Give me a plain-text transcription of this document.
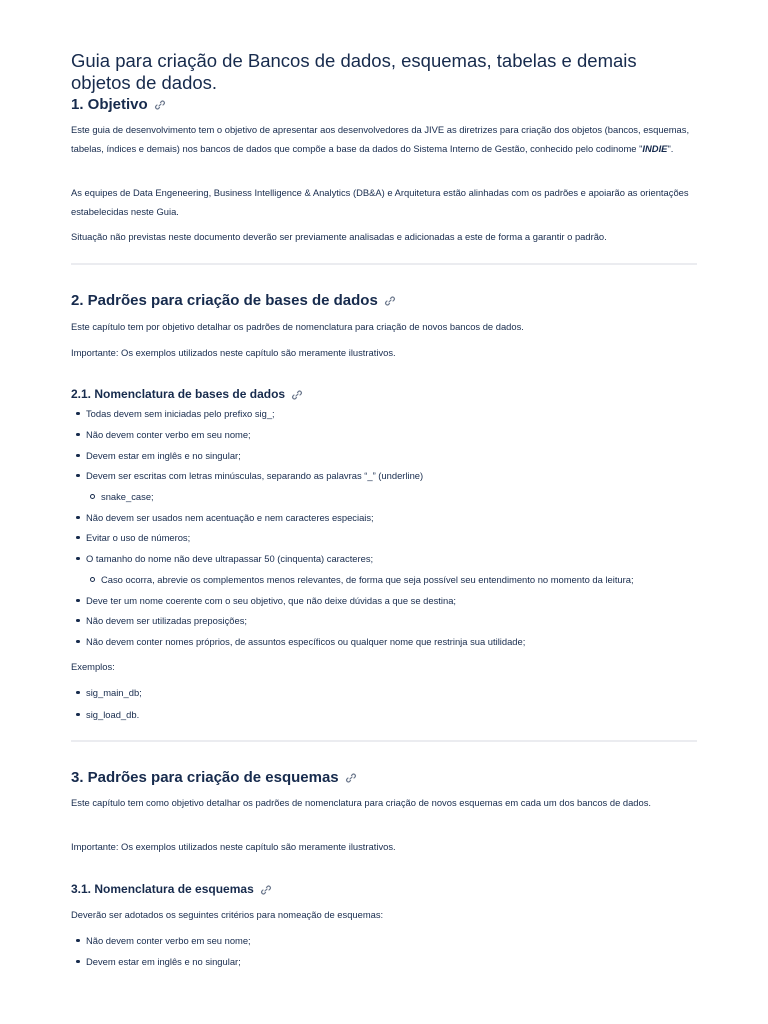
Guia para criação de Bancos de dados, esquemas, tabelas e demais objetos de dados.
1. Objetivo

Este guia de desenvolvimento tem o objetivo de apresentar aos desenvolvedores da JIVE as diretrizes para criação dos objetos (bancos, esquemas, tabelas, índices e demais) nos bancos de dados que compõe a base da dados do Sistema Interno de Gestão, conhecido pelo codinome "INDIE".

As equipes de Data Engeneering, Business Intelligence & Analytics (DB&A) e Arquitetura estão alinhadas com os padrões e apoiarão as orientações estabelecidas neste Guia.

Situação não previstas neste documento deverão ser previamente analisadas e adicionadas a este de forma a garantir o padrão.

2. Padrões para criação de bases de dados

Este capítulo tem por objetivo detalhar os padrões de nomenclatura para criação de novos bancos de dados.

Importante: Os exemplos utilizados neste capítulo são meramente ilustrativos.

2.1. Nomenclatura de bases de dados
Todas devem sem iniciadas pelo prefixo sig_;
Não devem conter verbo em seu nome;
Devem estar em inglês e no singular;
Devem ser escritas com letras minúsculas, separando as palavras “_” (underline)
snake_case;
Não devem ser usados nem acentuação e nem caracteres especiais;
Evitar o uso de números;
O tamanho do nome não deve ultrapassar 50 (cinquenta) caracteres;
Caso ocorra, abrevie os complementos menos relevantes, de forma que seja possível seu entendimento no momento da leitura;
Deve ter um nome coerente com o seu objetivo, que não deixe dúvidas a que se destina;
Não devem ser utilizadas preposições;
Não devem conter nomes próprios, de assuntos específicos ou qualquer nome que restrinja sua utilidade;

Exemplos:

sig_main_db;
sig_load_db.
3. Padrões para criação de esquemas

Este capítulo tem como objetivo detalhar os padrões de nomenclatura para criação de novos esquemas em cada um dos bancos de dados.

Importante: Os exemplos utilizados neste capítulo são meramente ilustrativos.

3.1. Nomenclatura de esquemas

Deverão ser adotados os seguintes critérios para nomeação de esquemas:

Não devem conter verbo em seu nome;
Devem estar em inglês e no singular;
